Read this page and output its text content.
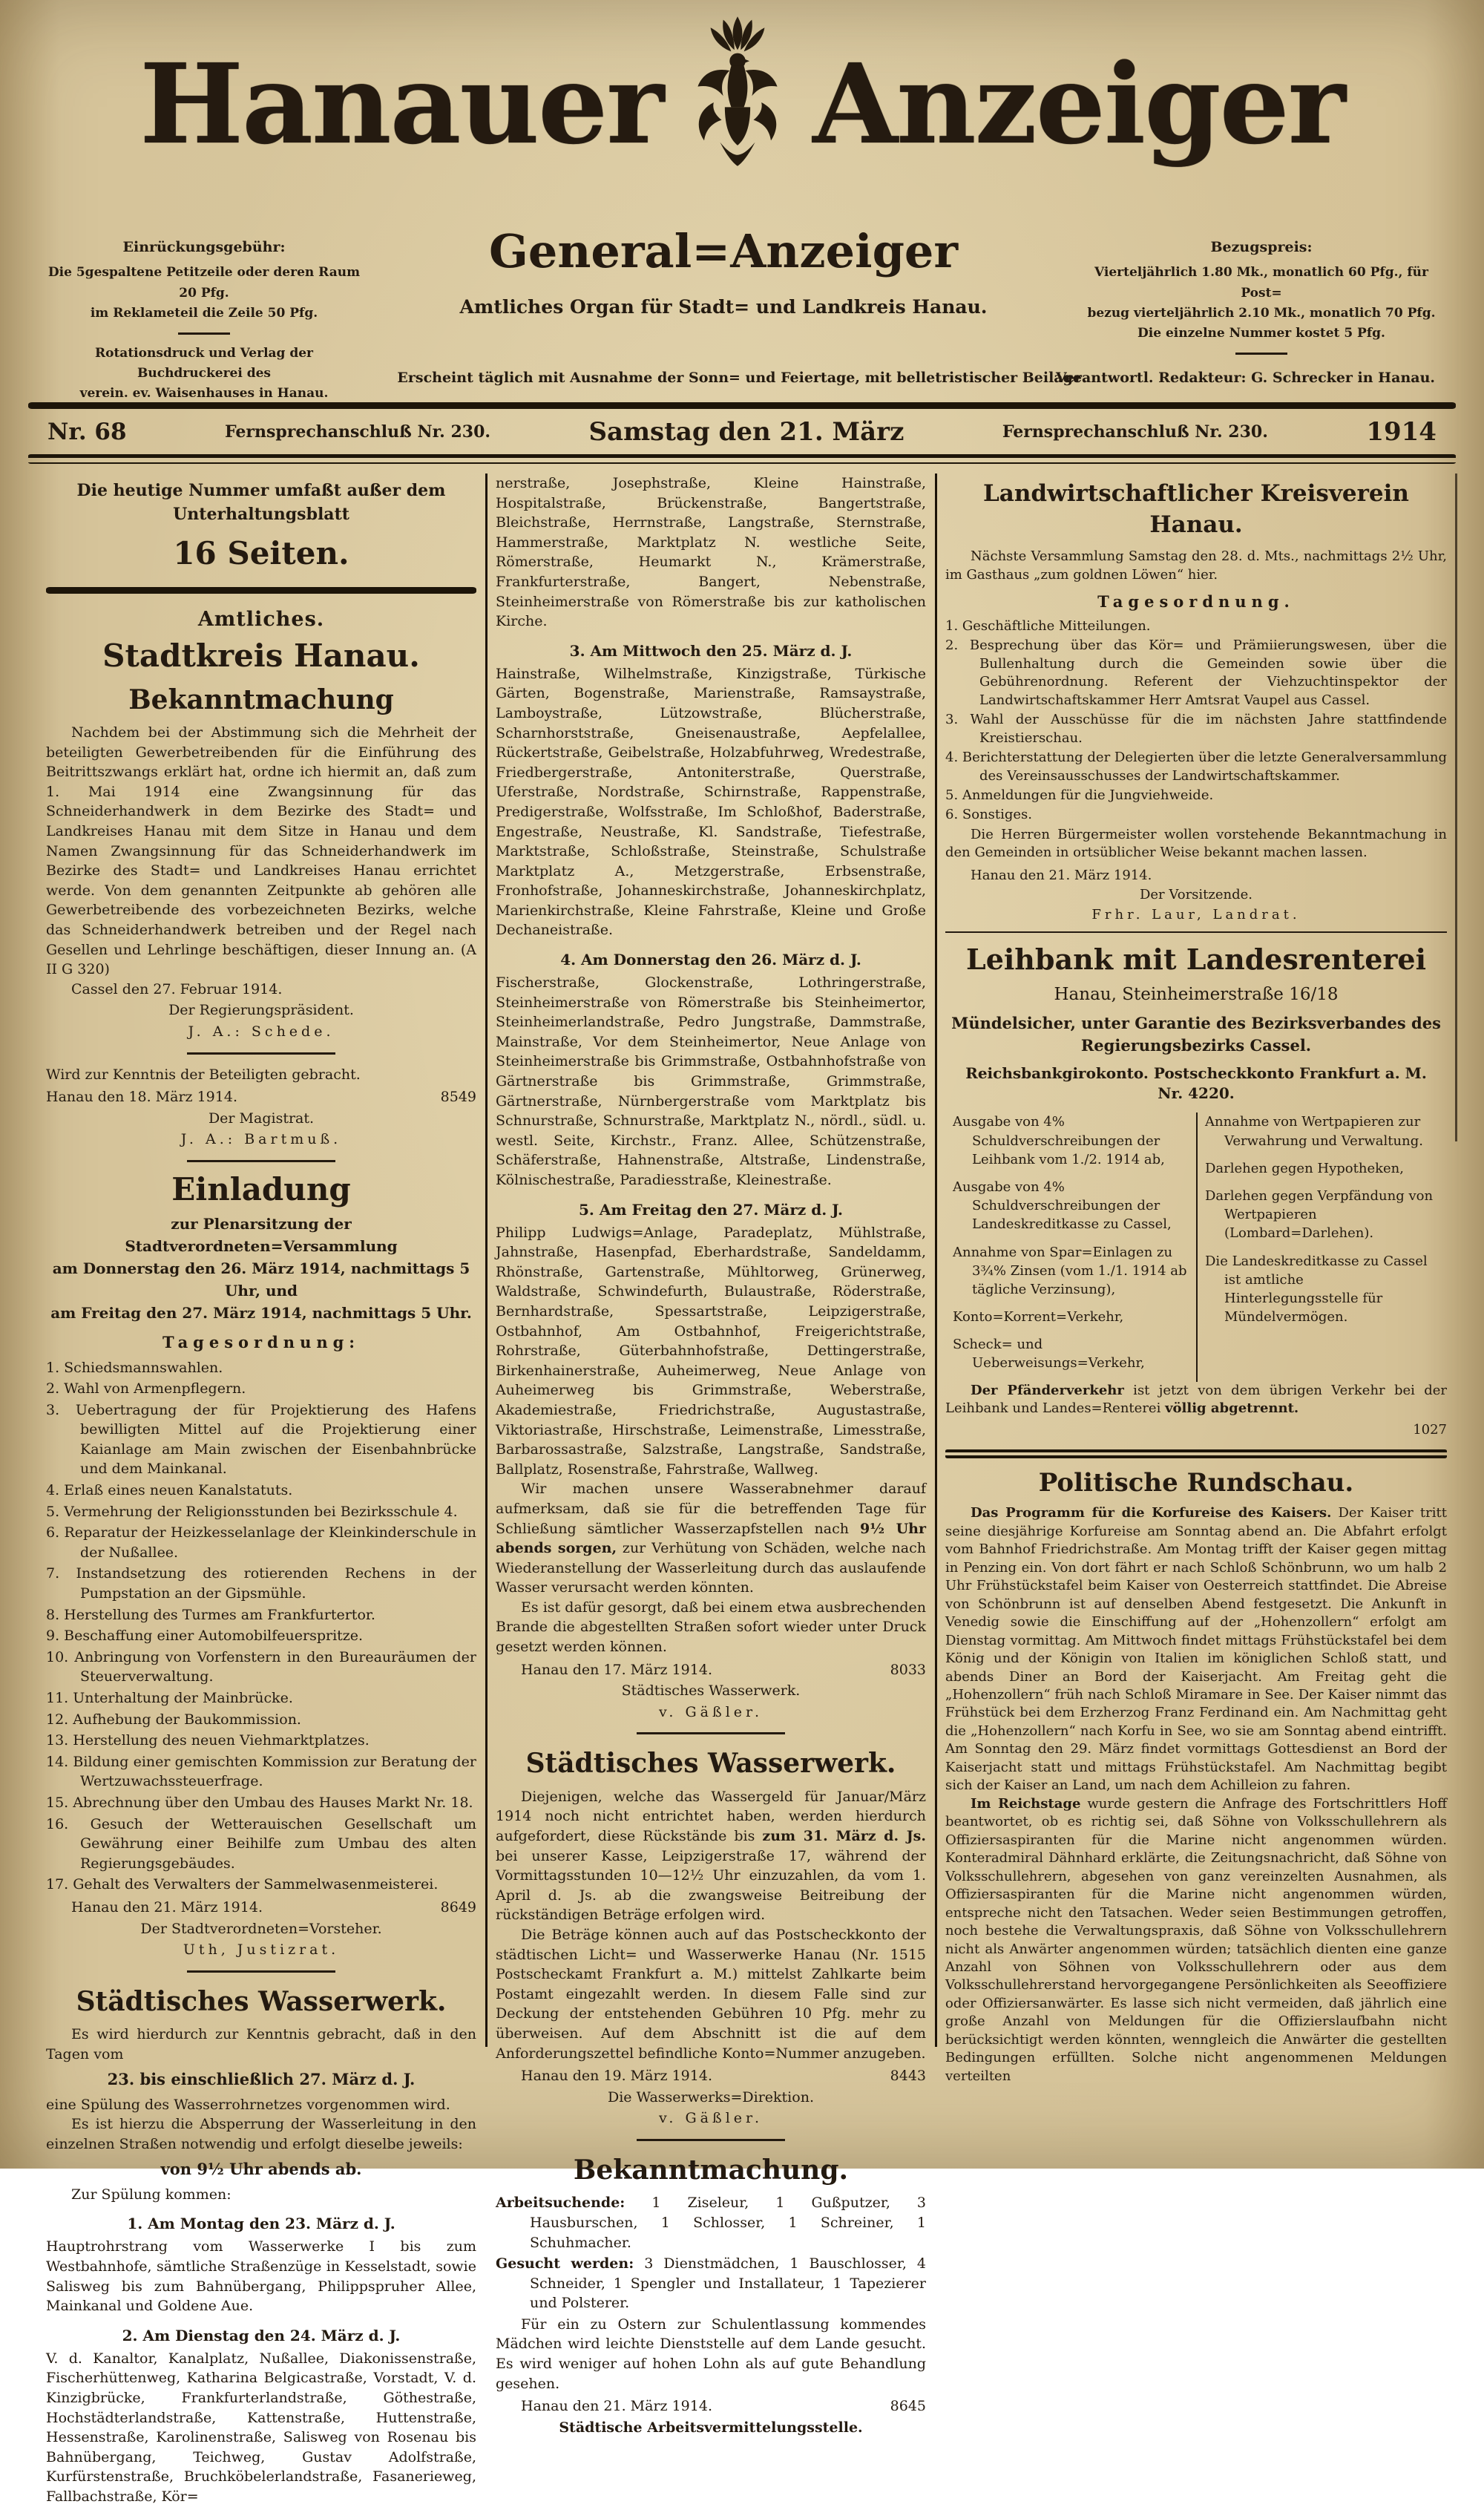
Hanauer Anzeiger
Einrückungsgebühr:
Die 5gespaltene Petitzeile oder deren Raum 20 Pfg.
im Reklameteil die Zeile 50 Pfg.
Rotationsdruck und Verlag der Buchdruckerei des
verein. ev. Waisenhauses in Hanau.
General=Anzeiger
Amtliches Organ für Stadt= und Landkreis Hanau.
Bezugspreis:
Vierteljährlich 1.80 Mk., monatlich 60 Pfg., für Post=
bezug vierteljährlich 2.10 Mk., monatlich 70 Pfg.
Die einzelne Nummer kostet 5 Pfg.
Erscheint täglich mit Ausnahme der Sonn= und Feiertage, mit belletristischer Beilage.
Verantwortl. Redakteur: G. Schrecker in Hanau.
Nr. 68	Fernsprechanschluß Nr. 230.	Samstag den 21. März	Fernsprechanschluß Nr. 230.	1914
Die heutige Nummer umfaßt außer dem Unterhaltungsblatt
16 Seiten.
Amtliches.
Stadtkreis Hanau.
Bekanntmachung

Nachdem bei der Abstimmung sich die Mehrheit der beteiligten Gewerbetreibenden für die Einführung des Beitrittszwangs erklärt hat, ordne ich hiermit an, daß zum 1. Mai 1914 eine Zwangsinnung für das Schneiderhandwerk in dem Bezirke des Stadt= und Landkreises Hanau mit dem Sitze in Hanau und dem Namen Zwangsinnung für das Schneiderhandwerk im Bezirke des Stadt= und Landkreises Hanau errichtet werde. Von dem genannten Zeitpunkte ab gehören alle Gewerbetreibende des vorbezeichneten Bezirks, welche das Schneiderhandwerk betreiben und der Regel nach Gesellen und Lehrlinge beschäftigen, dieser Innung an. (A II G 320)

Cassel den 27. Februar 1914.
Der Regierungspräsident.
J. A.: Schede.
Wird zur Kenntnis der Beteiligten gebracht.
Hanau den 18. März 1914.	8549
Der Magistrat.
J. A.: Bartmuß.
Einladung
zur Plenarsitzung der Stadtverordneten=Versammlung
am Donnerstag den 26. März 1914, nachmittags 5 Uhr, und
am Freitag den 27. März 1914, nachmittags 5 Uhr.
Tagesordnung:
1. Schiedsmannswahlen.
2. Wahl von Armenpflegern.
3. Uebertragung der für Projektierung des Hafens bewilligten Mittel auf die Projektierung einer Kaianlage am Main zwischen der Eisenbahnbrücke und dem Mainkanal.
4. Erlaß eines neuen Kanalstatuts.
5. Vermehrung der Religionsstunden bei Bezirksschule 4.
6. Reparatur der Heizkesselanlage der Kleinkinderschule in der Nußallee.
7. Instandsetzung des rotierenden Rechens in der Pumpstation an der Gipsmühle.
8. Herstellung des Turmes am Frankfurtertor.
9. Beschaffung einer Automobilfeuerspritze.
10. Anbringung von Vorfenstern in den Bureauräumen der Steuerverwaltung.
11. Unterhaltung der Mainbrücke.
12. Aufhebung der Baukommission.
13. Herstellung des neuen Viehmarktplatzes.
14. Bildung einer gemischten Kommission zur Beratung der Wertzuwachssteuerfrage.
15. Abrechnung über den Umbau des Hauses Markt Nr. 18.
16. Gesuch der Wetterauischen Gesellschaft um Gewährung einer Beihilfe zum Umbau des alten Regierungsgebäudes.
17. Gehalt des Verwalters der Sammelwasenmeisterei.
Hanau den 21. März 1914.	8649
Der Stadtverordneten=Vorsteher.
Uth, Justizrat.
Städtisches Wasserwerk.

Es wird hierdurch zur Kenntnis gebracht, daß in den Tagen vom

23. bis einschließlich 27. März d. J.

eine Spülung des Wasserrohrnetzes vorgenommen wird.

Es ist hierzu die Absperrung der Wasserleitung in den einzelnen Straßen notwendig und erfolgt dieselbe jeweils:

von 9½ Uhr abends ab.

Zur Spülung kommen:

1. Am Montag den 23. März d. J.

Hauptrohrstrang vom Wasserwerke I bis zum Westbahnhofe, sämtliche Straßenzüge in Kesselstadt, sowie Salisweg bis zum Bahnübergang, Philippspruher Allee, Mainkanal und Goldene Aue.

2. Am Dienstag den 24. März d. J.

V. d. Kanaltor, Kanalplatz, Nußallee, Diakonissenstraße, Fischerhüttenweg, Katharina Belgicastraße, Vorstadt, V. d. Kinzigbrücke, Frankfurterlandstraße, Göthestraße, Hochstädterlandstraße, Kattenstraße, Huttenstraße, Hessenstraße, Karolinenstraße, Salisweg von Rosenau bis Bahnübergang, Teichweg, Gustav Adolfstraße, Kurfürstenstraße, Bruchköbelerlandstraße, Fasanerieweg, Fallbachstraße, Kör=

nerstraße, Josephstraße, Kleine Hainstraße, Hospitalstraße, Brückenstraße, Bangertstraße, Bleichstraße, Herrnstraße, Langstraße, Sternstraße, Hammerstraße, Marktplatz N. westliche Seite, Römerstraße, Heumarkt N., Krämerstraße, Frankfurterstraße, Bangert, Nebenstraße, Steinheimerstraße von Römerstraße bis zur katholischen Kirche.

3. Am Mittwoch den 25. März d. J.

Hainstraße, Wilhelmstraße, Kinzigstraße, Türkische Gärten, Bogenstraße, Marienstraße, Ramsaystraße, Lamboystraße, Lützowstraße, Blücherstraße, Scharnhorststraße, Gneisenaustraße, Aepfelallee, Rückertstraße, Geibelstraße, Holzabfuhrweg, Wredestraße, Friedbergerstraße, Antoniterstraße, Querstraße, Uferstraße, Nordstraße, Schirnstraße, Rappenstraße, Predigerstraße, Wolfsstraße, Im Schloßhof, Baderstraße, Engestraße, Neustraße, Kl. Sandstraße, Tiefestraße, Marktstraße, Schloßstraße, Steinstraße, Schulstraße Marktplatz A., Metzgerstraße, Erbsenstraße, Fronhofstraße, Johanneskirchstraße, Johanneskirchplatz, Marienkirchstraße, Kleine Fahrstraße, Kleine und Große Dechaneistraße.

4. Am Donnerstag den 26. März d. J.

Fischerstraße, Glockenstraße, Lothringerstraße, Steinheimerstraße von Römerstraße bis Steinheimertor, Steinheimerlandstraße, Pedro Jungstraße, Dammstraße, Mainstraße, Vor dem Steinheimertor, Neue Anlage von Steinheimerstraße bis Grimmstraße, Ostbahnhofstraße von Gärtnerstraße bis Grimmstraße, Grimmstraße, Gärtnerstraße, Nürnbergerstraße vom Marktplatz bis Schnurstraße, Schnurstraße, Marktplatz N., nördl., südl. u. westl. Seite, Kirchstr., Franz. Allee, Schützenstraße, Schäferstraße, Hahnenstraße, Altstraße, Lindenstraße, Kölnischestraße, Paradiesstraße, Kleinestraße.

5. Am Freitag den 27. März d. J.

Philipp Ludwigs=Anlage, Paradeplatz, Mühlstraße, Jahnstraße, Hasenpfad, Eberhardstraße, Sandeldamm, Rhönstraße, Gartenstraße, Mühltorweg, Grünerweg, Waldstraße, Schwindefurth, Bulaustraße, Röderstraße, Bernhardstraße, Spessartstraße, Leipzigerstraße, Ostbahnhof, Am Ostbahnhof, Freigerichtstraße, Rohrstraße, Güterbahnhofstraße, Dettingerstraße, Birkenhainerstraße, Auheimerweg, Neue Anlage von Auheimerweg bis Grimmstraße, Weberstraße, Akademiestraße, Friedrichstraße, Augustastraße, Viktoriastraße, Hirschstraße, Leimenstraße, Limesstraße, Barbarossastraße, Salzstraße, Langstraße, Sandstraße, Ballplatz, Rosenstraße, Fahrstraße, Wallweg.

Wir machen unsere Wasserabnehmer darauf aufmerksam, daß sie für die betreffenden Tage für Schließung sämtlicher Wasserzapfstellen nach 9½ Uhr abends sorgen, zur Verhütung von Schäden, welche nach Wiederanstellung der Wasserleitung durch das auslaufende Wasser verursacht werden könnten.

Es ist dafür gesorgt, daß bei einem etwa ausbrechenden Brande die abgestellten Straßen sofort wieder unter Druck gesetzt werden können.

Hanau den 17. März 1914.	8033
Städtisches Wasserwerk.
v. Gäßler.
Städtisches Wasserwerk.

Diejenigen, welche das Wassergeld für Januar/März 1914 noch nicht entrichtet haben, werden hierdurch aufgefordert, diese Rückstände bis zum 31. März d. Js. bei unserer Kasse, Leipzigerstraße 17, während der Vormittagsstunden 10—12½ Uhr einzuzahlen, da vom 1. April d. Js. ab die zwangsweise Beitreibung der rückständigen Beträge erfolgen wird.

Die Beträge können auch auf das Postscheckkonto der städtischen Licht= und Wasserwerke Hanau (Nr. 1515 Postscheckamt Frankfurt a. M.) mittelst Zahlkarte beim Postamt eingezahlt werden. In diesem Falle sind zur Deckung der entstehenden Gebühren 10 Pfg. mehr zu überweisen. Auf dem Abschnitt ist die auf dem Anforderungszettel befindliche Konto=Nummer anzugeben.

Hanau den 19. März 1914.	8443
Die Wasserwerks=Direktion.
v. Gäßler.
Bekanntmachung.
Arbeitsuchende: 1 Ziseleur, 1 Gußputzer, 3 Hausburschen, 1 Schlosser, 1 Schreiner, 1 Schuhmacher.
Gesucht werden: 3 Dienstmädchen, 1 Bauschlosser, 4 Schneider, 1 Spengler und Installateur, 1 Tapezierer und Polsterer.

Für ein zu Ostern zur Schulentlassung kommendes Mädchen wird leichte Dienststelle auf dem Lande gesucht. Es wird weniger auf hohen Lohn als auf gute Behandlung gesehen.

Hanau den 21. März 1914.	8645
Städtische Arbeitsvermittelungsstelle.
Landwirtschaftlicher Kreisverein Hanau.

Nächste Versammlung Samstag den 28. d. Mts., nachmittags 2½ Uhr, im Gasthaus „zum goldnen Löwen“ hier.

Tagesordnung.
1. Geschäftliche Mitteilungen.
2. Besprechung über das Kör= und Prämiierungswesen, über die Bullenhaltung durch die Gemeinden sowie über die Gebührenordnung. Referent der Viehzuchtinspektor der Landwirtschaftskammer Herr Amtsrat Vaupel aus Cassel.
3. Wahl der Ausschüsse für die im nächsten Jahre stattfindende Kreistierschau.
4. Berichterstattung der Delegierten über die letzte Generalversammlung des Vereinsausschusses der Landwirtschaftskammer.
5. Anmeldungen für die Jungviehweide.
6. Sonstiges.

Die Herren Bürgermeister wollen vorstehende Bekanntmachung in den Gemeinden in ortsüblicher Weise bekannt machen lassen.

Hanau den 21. März 1914.
Der Vorsitzende.
Frhr. Laur, Landrat.
Leihbank mit Landesrenterei
Hanau, Steinheimerstraße 16/18
Mündelsicher, unter Garantie des Bezirksverbandes des
Regierungsbezirks Cassel.
Reichsbankgirokonto. Postscheckkonto Frankfurt a. M.
Nr. 4220.
Ausgabe von 4% Schuldverschreibungen der Leihbank vom 1./2. 1914 ab,
Ausgabe von 4% Schuldverschreibungen der Landeskreditkasse zu Cassel,
Annahme von Spar=Einlagen zu 3¾% Zinsen (vom 1./1. 1914 ab tägliche Verzinsung),
Konto=Korrent=Verkehr,
Scheck= und Ueberweisungs=Verkehr,
Annahme von Wertpapieren zur Verwahrung und Verwaltung.
Darlehen gegen Hypotheken,
Darlehen gegen Verpfändung von Wertpapieren (Lombard=Darlehen).
Die Landeskreditkasse zu Cassel ist amtliche Hinterlegungsstelle für Mündelvermögen.

Der Pfänderverkehr ist jetzt von dem übrigen Verkehr bei der Leihbank und Landes=Renterei völlig abgetrennt.

1027
Politische Rundschau.

Das Programm für die Korfureise des Kaisers. Der Kaiser tritt seine diesjährige Korfureise am Sonntag abend an. Die Abfahrt erfolgt vom Bahnhof Friedrichstraße. Am Montag trifft der Kaiser gegen mittag in Penzing ein. Von dort fährt er nach Schloß Schönbrunn, wo um halb 2 Uhr Frühstückstafel beim Kaiser von Oesterreich stattfindet. Die Abreise von Schönbrunn ist auf denselben Abend festgesetzt. Die Ankunft in Venedig sowie die Einschiffung auf der „Hohenzollern“ erfolgt am Dienstag vormittag. Am Mittwoch findet mittags Frühstückstafel bei dem König und der Königin von Italien im königlichen Schloß statt, und abends Diner an Bord der Kaiserjacht. Am Freitag geht die „Hohenzollern“ früh nach Schloß Miramare in See. Der Kaiser nimmt das Frühstück bei dem Erzherzog Franz Ferdinand ein. Am Nachmittag geht die „Hohenzollern“ nach Korfu in See, wo sie am Sonntag abend eintrifft. Am Sonntag den 29. März findet vormittags Gottesdienst an Bord der Kaiserjacht statt und mittags Frühstückstafel. Am Nachmittag begibt sich der Kaiser an Land, um nach dem Achilleion zu fahren.

Im Reichstage wurde gestern die Anfrage des Fortschrittlers Hoff beantwortet, ob es richtig sei, daß Söhne von Volksschullehrern als Offiziersaspiranten für die Marine nicht angenommen würden. Konteradmiral Dähnhard erklärte, die Zeitungsnachricht, daß Söhne von Volksschullehrern, abgesehen von ganz vereinzelten Ausnahmen, als Offiziersaspiranten für die Marine nicht angenommen würden, entspreche nicht den Tatsachen. Weder seien Bestimmungen getroffen, noch bestehe die Verwaltungspraxis, daß Söhne von Volksschullehrern nicht als Anwärter angenommen würden; tatsächlich dienten eine ganze Anzahl von Söhnen von Volksschullehrern oder aus dem Volksschullehrerstand hervorgegangene Persönlichkeiten als Seeoffiziere oder Offiziersanwärter. Es lasse sich nicht vermeiden, daß jährlich eine große Anzahl von Meldungen für die Offizierslaufbahn nicht berücksichtigt werden könnten, wenngleich die Anwärter die gestellten Bedingungen erfüllten. Solche nicht angenommenen Meldungen verteilten
